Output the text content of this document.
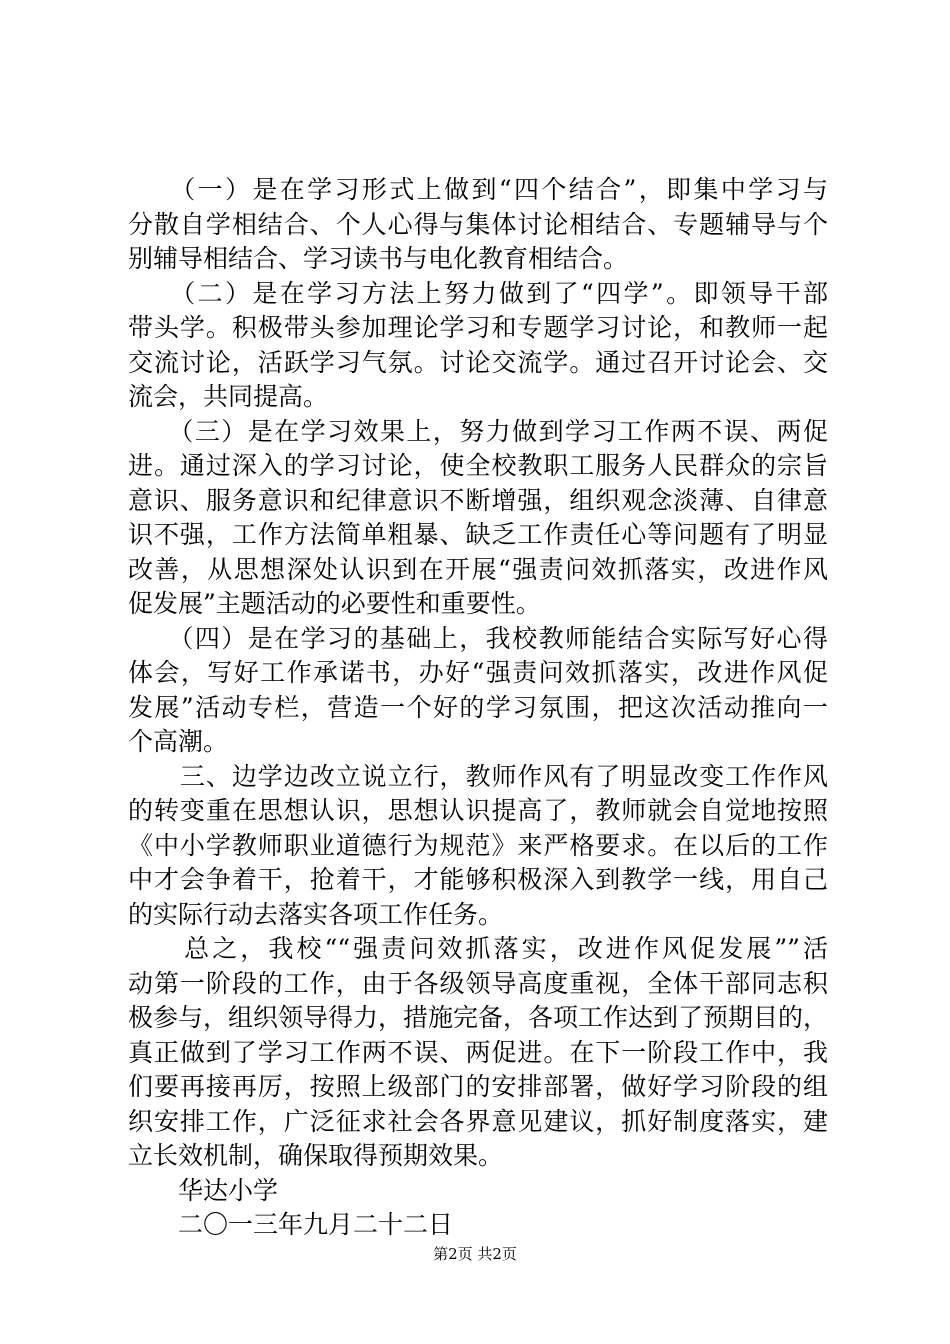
　　（一）是在学习形式上做到“四个结合”，即集中学习与
分散自学相结合、个人心得与集体讨论相结合、专题辅导与个
别辅导相结合、学习读书与电化教育相结合。
　　（二）是在学习方法上努力做到了“四学”。即领导干部
带头学。积极带头参加理论学习和专题学习讨论，和教师一起
交流讨论，活跃学习气氛。讨论交流学。通过召开讨论会、交
流会，共同提高。
　　（三）是在学习效果上，努力做到学习工作两不误、两促
进。通过深入的学习讨论，使全校教职工服务人民群众的宗旨
意识、服务意识和纪律意识不断增强，组织观念淡薄、自律意
识不强，工作方法简单粗暴、缺乏工作责任心等问题有了明显
改善，从思想深处认识到在开展“强责问效抓落实，改进作风
促发展”主题活动的必要性和重要性。
　　（四）是在学习的基础上，我校教师能结合实际写好心得
体会，写好工作承诺书，办好“强责问效抓落实，改进作风促
发展”活动专栏，营造一个好的学习氛围，把这次活动推向一
个高潮。
　　三、边学边改立说立行，教师作风有了明显改变工作作风
的转变重在思想认识，思想认识提高了，教师就会自觉地按照
《中小学教师职业道德行为规范》来严格要求。在以后的工作
中才会争着干，抢着干，才能够积极深入到教学一线，用自己
的实际行动去落实各项工作任务。
　　总之，我校““强责问效抓落实，改进作风促发展””活
动第一阶段的工作，由于各级领导高度重视，全体干部同志积
极参与，组织领导得力，措施完备，各项工作达到了预期目的，
真正做到了学习工作两不误、两促进。在下一阶段工作中，我
们要再接再厉，按照上级部门的安排部署，做好学习阶段的组
织安排工作，广泛征求社会各界意见建议，抓好制度落实，建
立长效机制，确保取得预期效果。
　　华达小学
　　二〇一三年九月二十二日
第2页 共2页
